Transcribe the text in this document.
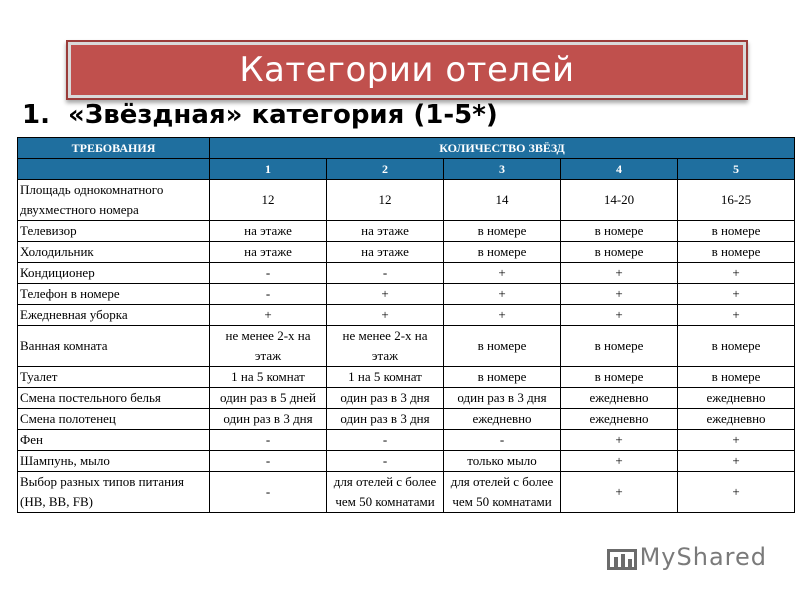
Категории отелей
1. «Звёздная» категория (1-5*)
ТРЕБОВАНИЯ	КОЛИЧЕСТВО ЗВЁЗД				
	1	2	3	4	5
Площадь однокомнатного двухместного номера	12	12	14	14-20	16-25
Телевизор	на этаже	на этаже	в номере	в номере	в номере
Холодильник	на этаже	на этаже	в номере	в номере	в номере
Кондиционер	-	-	+	+	+
Телефон в номере	-	+	+	+	+
Ежедневная уборка	+	+	+	+	+
Ванная комната	не менее 2-х на этаж	не менее 2-х на этаж	в номере	в номере	в номере
Туалет	1 на 5 комнат	1 на 5 комнат	в номере	в номере	в номере
Смена постельного белья	один раз в 5 дней	один раз в 3 дня	один раз в 3 дня	ежедневно	ежедневно
Смена полотенец	один раз в 3 дня	один раз в 3 дня	ежедневно	ежедневно	ежедневно
Фен	-	-	-	+	+
Шампунь, мыло	-	-	только мыло	+	+
Выбор разных типов питания (HB, BB, FB)	-	для отелей с более чем 50 комнатами	для отелей с более чем 50 комнатами	+	+
MyShared
